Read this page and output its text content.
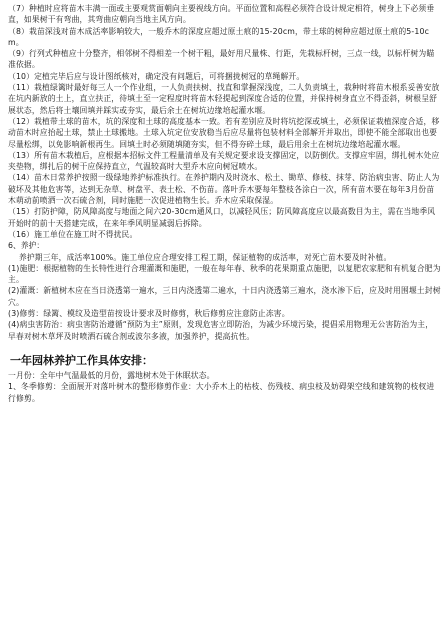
（7）种植时应将苗木丰满一面或主要观赏面朝向主要视线方向。平面位置和高程必须符合设计规定相符，树身上下必须垂直，如果树干有弯曲，其弯曲应朝向当地主风方向。

（8）栽苗深浅对苗木成活率影响较大，一般乔木的深度应超过原土痕的15-20cm，带土球的树种应超过原土痕的5-10cm。

（9）行列式种植应十分整齐，相邻树不得相差一个树干粗，最好用尺量株、行距，先栽标杆树，三点一线，以标杆树为瞄准依据。

（10）定植完毕后应与设计图纸核对，确定没有问题后，可将捆拢树冠的草绳解开。

（11）栽植绿篱时最好每三人一个作业组，一人负责扶树、找直和掌握深浅度，二人负责填土，栽种时将苗木根系妥善安放在坑内新放的土上，直立扶正，待填土至一定程度时将苗木轻提起到深度合适的位置，并保持树身直立不得歪斜，树根呈舒展状态，然后将土壤回填并踩实或夯实，最后余土在树坑边缘培起灌水堰。

（12）栽植带土球的苗木，坑的深度和土球的高度基本一致。若有差别应及时将坑挖深或填土，必须保证栽植深度合适，移动苗木时应抬起土球，禁止土球搬地。土球入坑定位安放稳当后应尽量将包装材料全部解开并取出，即使不能全部取出也要尽量松绑，以免影响新根再生。回填土时必须随填随夯实，但不得夯碎土球，最后用余土在树坑边缘培起灌水堰。

（13）所有苗木栽植后，应根据本招标文件工程量清单及有关规定要求设支撑固定，以防倒伏。支撑应牢固，绑扎树木处应夹垫物，绑扎后的树干应保持直立，气温较高时大型乔木应向树冠喷水。

（14）苗木日常养护按照一级绿地养护标准执行。在养护期内及时浇水、松土、锄草、修枝、抹芽、防治病虫害、防止人为破坏及其他危害等，达到无杂草、树盘平、表土松、不伤苗。落叶乔木要每年整枝各涂白一次，所有苗木要在每年3月份苗木萌动前喷洒一次石硫合剂，同时施肥一次促进植物生长。乔木应采取保湿。

（15）打防护障，防风障高度与地面之间六20-30cm通风口，以减轻风压；防风障高度应以最高数目为主，需在当地季风开始时的前十天搭建完成，在来年季风明显减弱后拆除。

（16）施工单位在施工时不得扰民。

6、养护：

养护期三年，成活率100%。施工单位应合理安排工程工期，保证植物的成活率，对死亡苗木要及时补植。

(1)施肥：根据植物的生长特性进行合理灌溉和施肥，一般在每年春、秋季的花果期重点施肥，以复肥农家肥和有机复合肥为主。

(2)灌溉：新植树木应在当日浇透第一遍水，三日内浇透第二遍水，十日内浇透第三遍水，浇水渗下后，应及时用围堰土封树穴。

(3)修剪：绿篱、模纹及造型苗按设计要求及时修剪，秋后修剪应注意防止冻害。

(4)病虫害防治：病虫害防治遵循“预防为主”原则，发现危害立即防治，为减少环境污染，提倡采用物理无公害防治为主，早春对树木草坪及时喷洒石硫合剂或波尔多液，加强养护，提高抗性。

一年园林养护工作具体安排：

一月份：全年中气温最低的月份，露地树木处于休眠状态。

1、冬季修剪：全面展开对落叶树木的整形修剪作业：大小乔木上的枯枝、伤残枝、病虫枝及妨碍架空线和建筑物的枝杈进行修剪。
